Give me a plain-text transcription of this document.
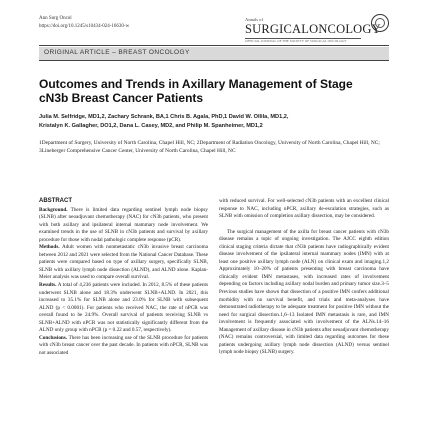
Ann Surg Oncol
https://doi.org/10.1245/s10434-024-16630-w
Annals of
SURGICALONCOLOGY
OFFICIAL JOURNAL OF THE SOCIETY OF SURGICAL ONCOLOGY
ORIGINAL ARTICLE – BREAST ONCOLOGY
Outcomes and Trends in Axillary Management of Stage cN3b Breast Cancer Patients
Julia M. Selfridge, MD1,2, Zachary Schrank, BA,1 Chris B. Agala, PhD,1 David W. Ollila, MD1,2,
Kristalyn K. Gallagher, DO1,2, Dana L. Casey, MD2, and Philip M. Spanheimer, MD1,2
1Department of Surgery, University of North Carolina, Chapel Hill, NC; 2Department of Radiation Oncology, University of North Carolina, Chapel Hill, NC; 3Lineberger Comprehensive Cancer Center, University of North Carolina, Chapel Hill, NC
ABSTRACT

Background. There is limited data regarding sentinel lymph node biopsy (SLNB) after neoadjuvant chemotherapy (NAC) for cN3b patients, who present with both axillary and ipsilateral internal mammary node involvement. We examined trends in the use of SLNB in cN3b patients and survival by axillary procedure for those with nodal pathologic complete response (pCR).

Methods. Adult women with nonmetastatic cN3b invasive breast carcinoma between 2012 and 2021 were selected from the National Cancer Database. These patients were compared based on type of axillary surgery, specifically SLNB, SLNB with axillary lymph node dissection (ALND), and ALND alone. Kaplan-Meier analysis was used to compare overall survival.

Results. A total of 4,236 patients were included. In 2012, 8.5% of these patients underwent SLNB alone and 18.3% underwent SLNB+ALND. In 2021, this increased to 35.1% for SLNB alone and 23.0% for SLNB with subsequent ALND (p < 0.0001). For patients who received NAC, the rate of nPCR was overall found to be 24.9%. Overall survival of patients receiving SLNB vs SLNB+ALND with nPCR was not statistically significantly different from the ALND only group with nPCR (p = 0.22 and 0.57, respectively).

Conclusions. There has been increasing use of the SLNB procedure for patients with cN3b breast cancer over the past decade. In patients with nPCR, SLNB was not associated

with reduced survival. For well-selected cN3b patients with an excellent clinical response to NAC, including nPCR, axillary de-escalation strategies, such as SLNB with omission of completion axillary dissection, may be considered.

The surgical management of the axilla for breast cancer patients with cN3b disease remains a topic of ongoing investigation. The AJCC eighth edition clinical staging criteria dictate that cN3b patients have radiographically evident disease involvement of the ipsilateral internal mammary nodes (IMN) with at least one positive axillary lymph node (ALN) on clinical exam and imaging.1,2 Approximately 10–20% of patients presenting with breast carcinoma have clinically evident IMN metastases, with increased rates of involvement depending on factors including axillary nodal burden and primary tumor size.3–5 Previous studies have shown that dissection of a positive IMN confers additional morbidity with no survival benefit, and trials and meta-analyses have demonstrated radiotherapy to be adequate treatment for positive IMN without the need for surgical dissection.1,6–13 Isolated IMN metastasis is rare, and IMN involvement is frequently associated with involvement of the ALNs.14–16 Management of axillary disease in cN3b patients after neoadjuvant chemotherapy (NAC) remains controversial, with limited data regarding outcomes for these patients undergoing axillary lymph node dissection (ALND) versus sentinel lymph node biopsy (SLNB) surgery.
